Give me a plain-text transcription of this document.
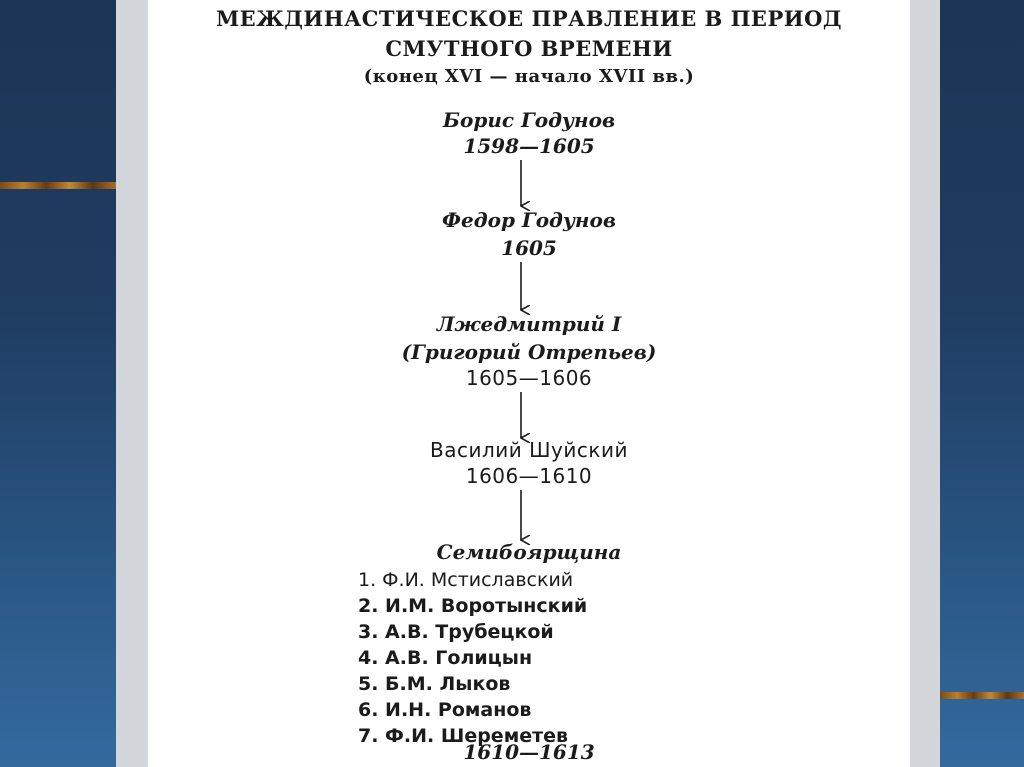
МЕЖДИНАСТИЧЕСКОЕ ПРАВЛЕНИЕ В ПЕРИОД
СМУТНОГО ВРЕМЕНИ
(конец XVI — начало XVII вв.)
Борис Годунов
1598—1605
Федор Годунов
1605
Лжедмитрий I
(Григорий Отрепьев)
1605—1606
Василий Шуйский
1606—1610
Семибоярщина
1. Ф.И. Мстиславский
2. И.М. Воротынский
3. А.В. Трубецкой
4. А.В. Голицын
5. Б.М. Лыков
6. И.Н. Романов
7. Ф.И. Шереметев
1610—1613
